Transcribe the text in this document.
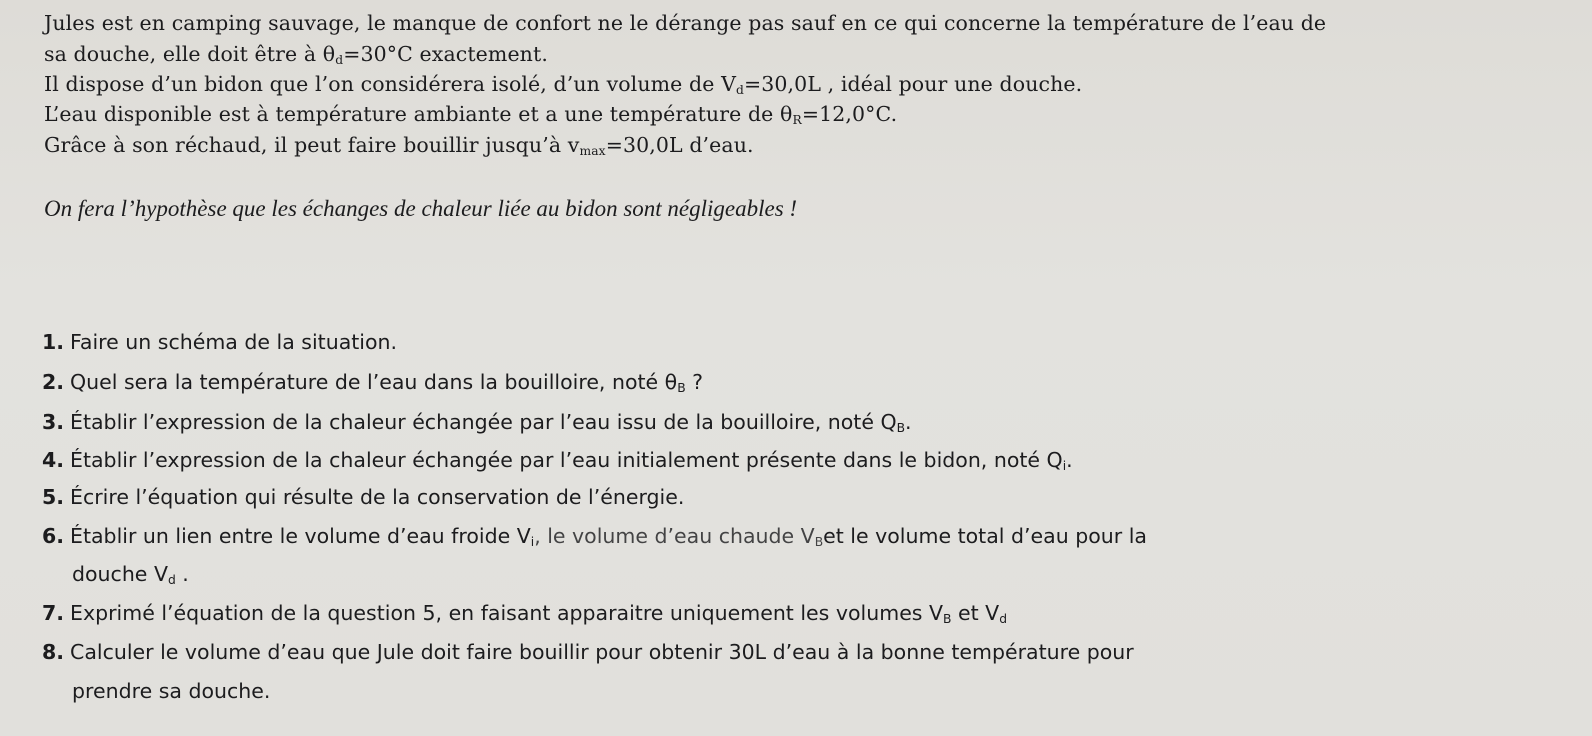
Jules est en camping sauvage, le manque de confort ne le dérange pas sauf en ce qui concerne la température de l’eau de
sa douche, elle doit être à $\theta_d=30^\circ C$ exactement.
Il dispose d’un bidon que l’on considérera isolé, d’un volume de $V_d=30,0L$ , idéal pour une douche.
L’eau disponible est à température ambiante et a une température de $\theta_R=12,0^\circ C$.
Grâce à son réchaud, il peut faire bouillir jusqu’à $v_{max}=30,0L$ d’eau.
On fera l’hypothèse que les échanges de chaleur liée au bidon sont négligeables !
1. Faire un schéma de la situation.
2. Quel sera la température de l’eau dans la bouilloire, noté $\theta_B$ ?
3. Établir l’expression de la chaleur échangée par l’eau issu de la bouilloire, noté $Q_B$.
4. Établir l’expression de la chaleur échangée par l’eau initialement présente dans le bidon, noté $Q_i$.
5. Écrire l’équation qui résulte de la conservation de l’énergie.
6. Établir un lien entre le volume d’eau froide $V_i$, le volume d’eau chaude $V_Bet$ le volume total d’eau pour la
douche $V_d$ .
7. Exprimé l’équation de la question 5, en faisant apparaitre uniquement les volumes $V_B$ et $V_d$
8. Calculer le volume d’eau que Jule doit faire bouillir pour obtenir 30L d’eau à la bonne température pour
prendre sa douche.
